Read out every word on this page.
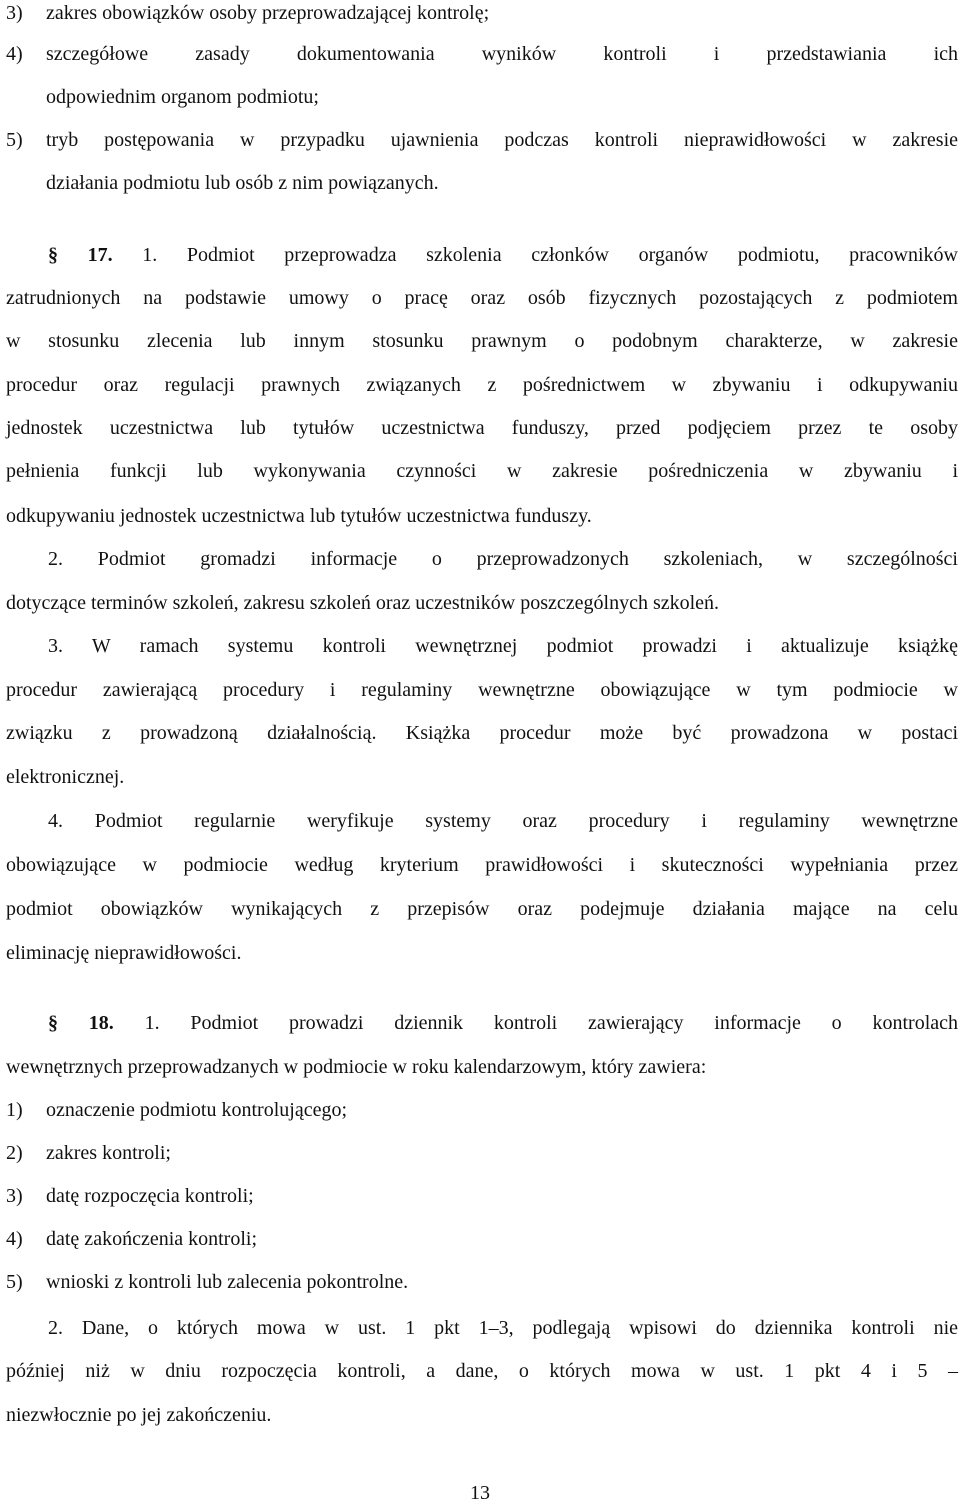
3)	zakres obowiązków osoby przeprowadzającej kontrolę;
4)	szczegółowe zasady dokumentowania wyników kontroli i przedstawiania ich
odpowiednim organom podmiotu;
5)	tryb postępowania w przypadku ujawnienia podczas kontroli nieprawidłowości w zakresie
działania podmiotu lub osób z nim powiązanych.
§ 17. 1. Podmiot przeprowadza szkolenia członków organów podmiotu, pracowników
zatrudnionych na podstawie umowy o pracę oraz osób fizycznych pozostających z podmiotem
w stosunku zlecenia lub innym stosunku prawnym o podobnym charakterze, w zakresie
procedur oraz regulacji prawnych związanych z pośrednictwem w zbywaniu i odkupywaniu
jednostek uczestnictwa lub tytułów uczestnictwa funduszy, przed podjęciem przez te osoby
pełnienia funkcji lub wykonywania czynności w zakresie pośredniczenia w zbywaniu i
odkupywaniu jednostek uczestnictwa lub tytułów uczestnictwa funduszy.
2. Podmiot gromadzi informacje o przeprowadzonych szkoleniach, w szczególności
dotyczące terminów szkoleń, zakresu szkoleń oraz uczestników poszczególnych szkoleń.
3. W ramach systemu kontroli wewnętrznej podmiot prowadzi i aktualizuje książkę
procedur zawierającą procedury i regulaminy wewnętrzne obowiązujące w tym podmiocie w
związku z prowadzoną działalnością. Książka procedur może być prowadzona w postaci
elektronicznej.
4. Podmiot regularnie weryfikuje systemy oraz procedury i regulaminy wewnętrzne
obowiązujące w podmiocie według kryterium prawidłowości i skuteczności wypełniania przez
podmiot obowiązków wynikających z przepisów oraz podejmuje działania mające na celu
eliminację nieprawidłowości.
§ 18. 1. Podmiot prowadzi dziennik kontroli zawierający informacje o kontrolach
wewnętrznych przeprowadzanych w podmiocie w roku kalendarzowym, który zawiera:
1)	oznaczenie podmiotu kontrolującego;
2)	zakres kontroli;
3)	datę rozpoczęcia kontroli;
4)	datę zakończenia kontroli;
5)	wnioski z kontroli lub zalecenia pokontrolne.
2. Dane, o których mowa w ust. 1 pkt 1–3, podlegają wpisowi do dziennika kontroli nie
później niż w dniu rozpoczęcia kontroli, a dane, o których mowa w ust. 1 pkt 4 i 5 –
niezwłocznie po jej zakończeniu.
13
